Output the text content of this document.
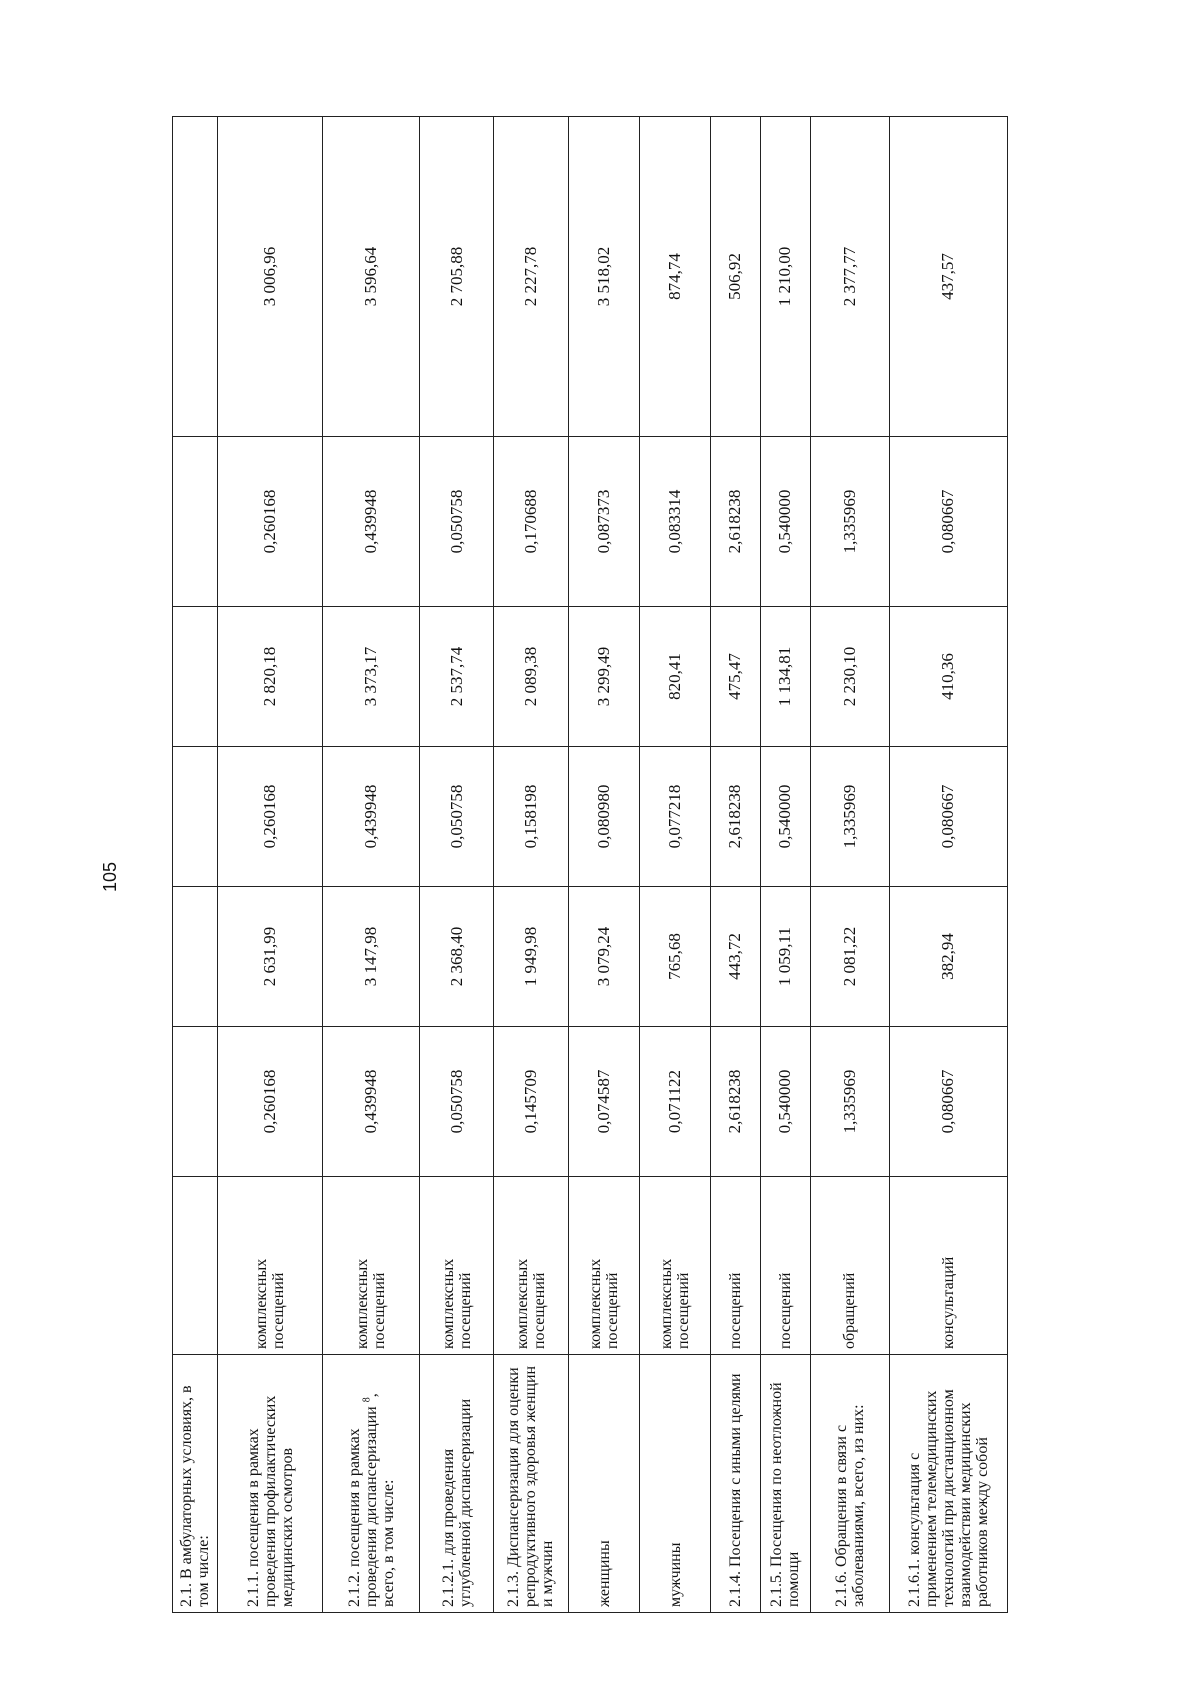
105
2.1. В амбулаторных условиях, в том числе:							
2.1.1. посещения в рамках проведения профилактических медицинских осмотров	комплексных посещений	0,260168	2 631,99	0,260168	2 820,18	0,260168	3 006,96
2.1.2. посещения в рамках проведения диспансеризации $^8$, всего, в том числе:	комплексных посещений	0,439948	3 147,98	0,439948	3 373,17	0,439948	3 596,64
2.1.2.1. для проведения углубленной диспансеризации	комплексных посещений	0,050758	2 368,40	0,050758	2 537,74	0,050758	2 705,88
2.1.3. Диспансеризация для оценки репродуктивного здоровья женщин и мужчин	комплексных посещений	0,145709	1 949,98	0,158198	2 089,38	0,170688	2 227,78
женщины	комплексных посещений	0,074587	3 079,24	0,080980	3 299,49	0,087373	3 518,02
мужчины	комплексных посещений	0,071122	765,68	0,077218	820,41	0,083314	874,74
2.1.4. Посещения с иными целями	посещений	2,618238	443,72	2,618238	475,47	2,618238	506,92
2.1.5. Посещения по неотложной помощи	посещений	0,540000	1 059,11	0,540000	1 134,81	0,540000	1 210,00
2.1.6. Обращения в связи с заболеваниями, всего, из них:	обращений	1,335969	2 081,22	1,335969	2 230,10	1,335969	2 377,77
2.1.6.1. консультация с применением телемедицинских технологий при дистанционном взаимодействии медицинских работников между собой	консультаций	0,080667	382,94	0,080667	410,36	0,080667	437,57
